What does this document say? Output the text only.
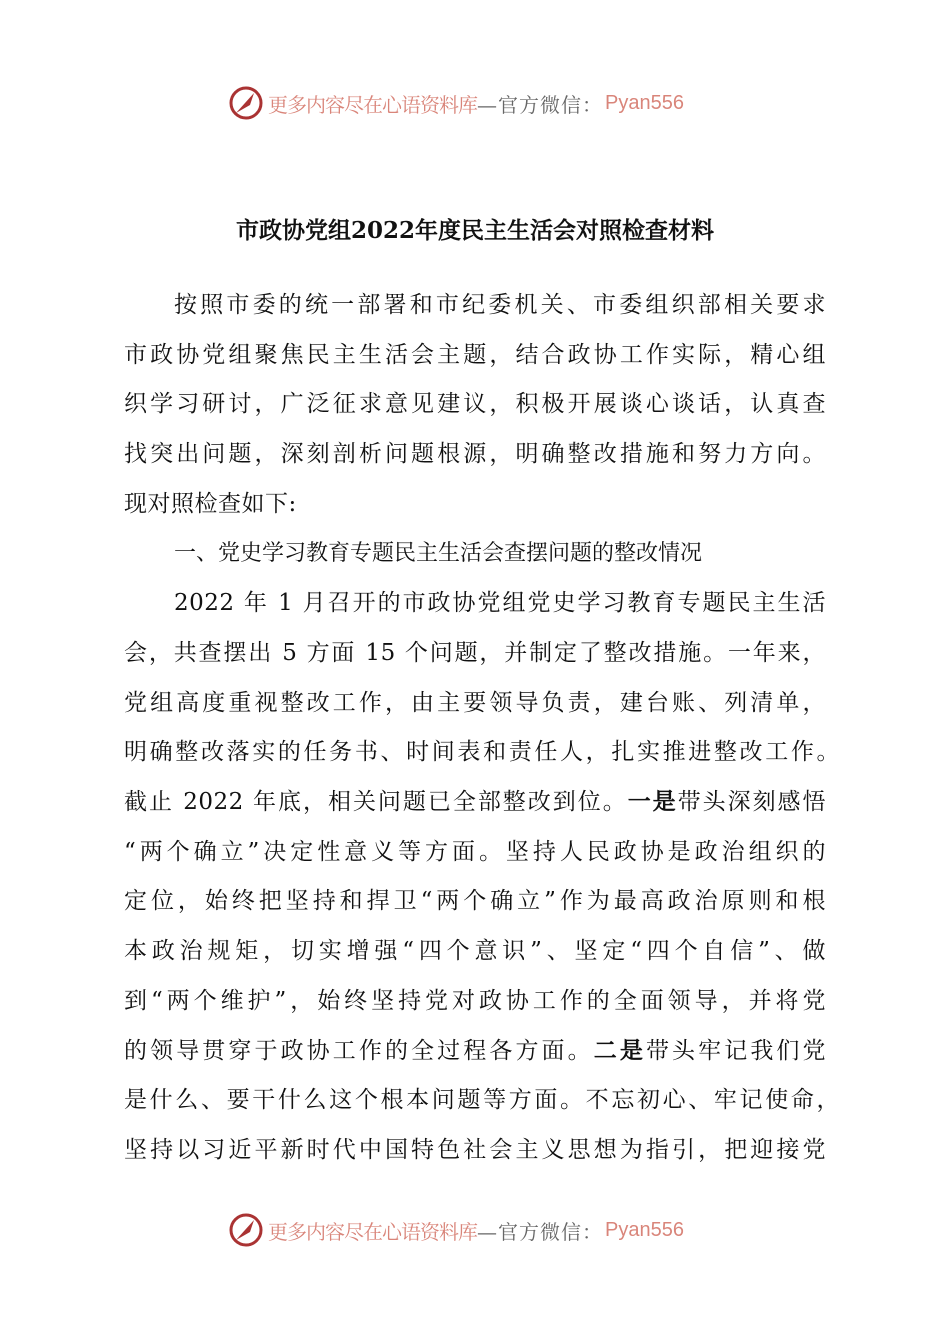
更多内容尽在心语资料库 —官方微信： Pyan556
市政协党组2022年度民主生活会对照检查材料
按照市委的统一部署和市纪委机关、市委组织部相关要求
市政协党组聚焦民主生活会主题，结合政协工作实际，精心组
织学习研讨，广泛征求意见建议，积极开展谈心谈话，认真查
找突出问题，深刻剖析问题根源，明确整改措施和努力方向。
现对照检查如下:
一、党史学习教育专题民主生活会查摆问题的整改情况
2022 年 1 月召开的市政协党组党史学习教育专题民主生活
会，共查摆出 5 方面 15 个问题，并制定了整改措施。一年来，
党组高度重视整改工作，由主要领导负责，建台账、列清单，
明确整改落实的任务书、时间表和责任人，扎实推进整改工作。
截止 2022 年底，相关问题已全部整改到位。一是带头深刻感悟
“两个确立”决定性意义等方面。坚持人民政协是政治组织的
定位，始终把坚持和捍卫“两个确立”作为最高政治原则和根
本政治规矩，切实增强“四个意识”、坚定“四个自信”、做
到“两个维护”，始终坚持党对政协工作的全面领导，并将党
的领导贯穿于政协工作的全过程各方面。二是带头牢记我们党
是什么、要干什么这个根本问题等方面。不忘初心、牢记使命，
坚持以习近平新时代中国特色社会主义思想为指引，把迎接党
更多内容尽在心语资料库 —官方微信： Pyan556
